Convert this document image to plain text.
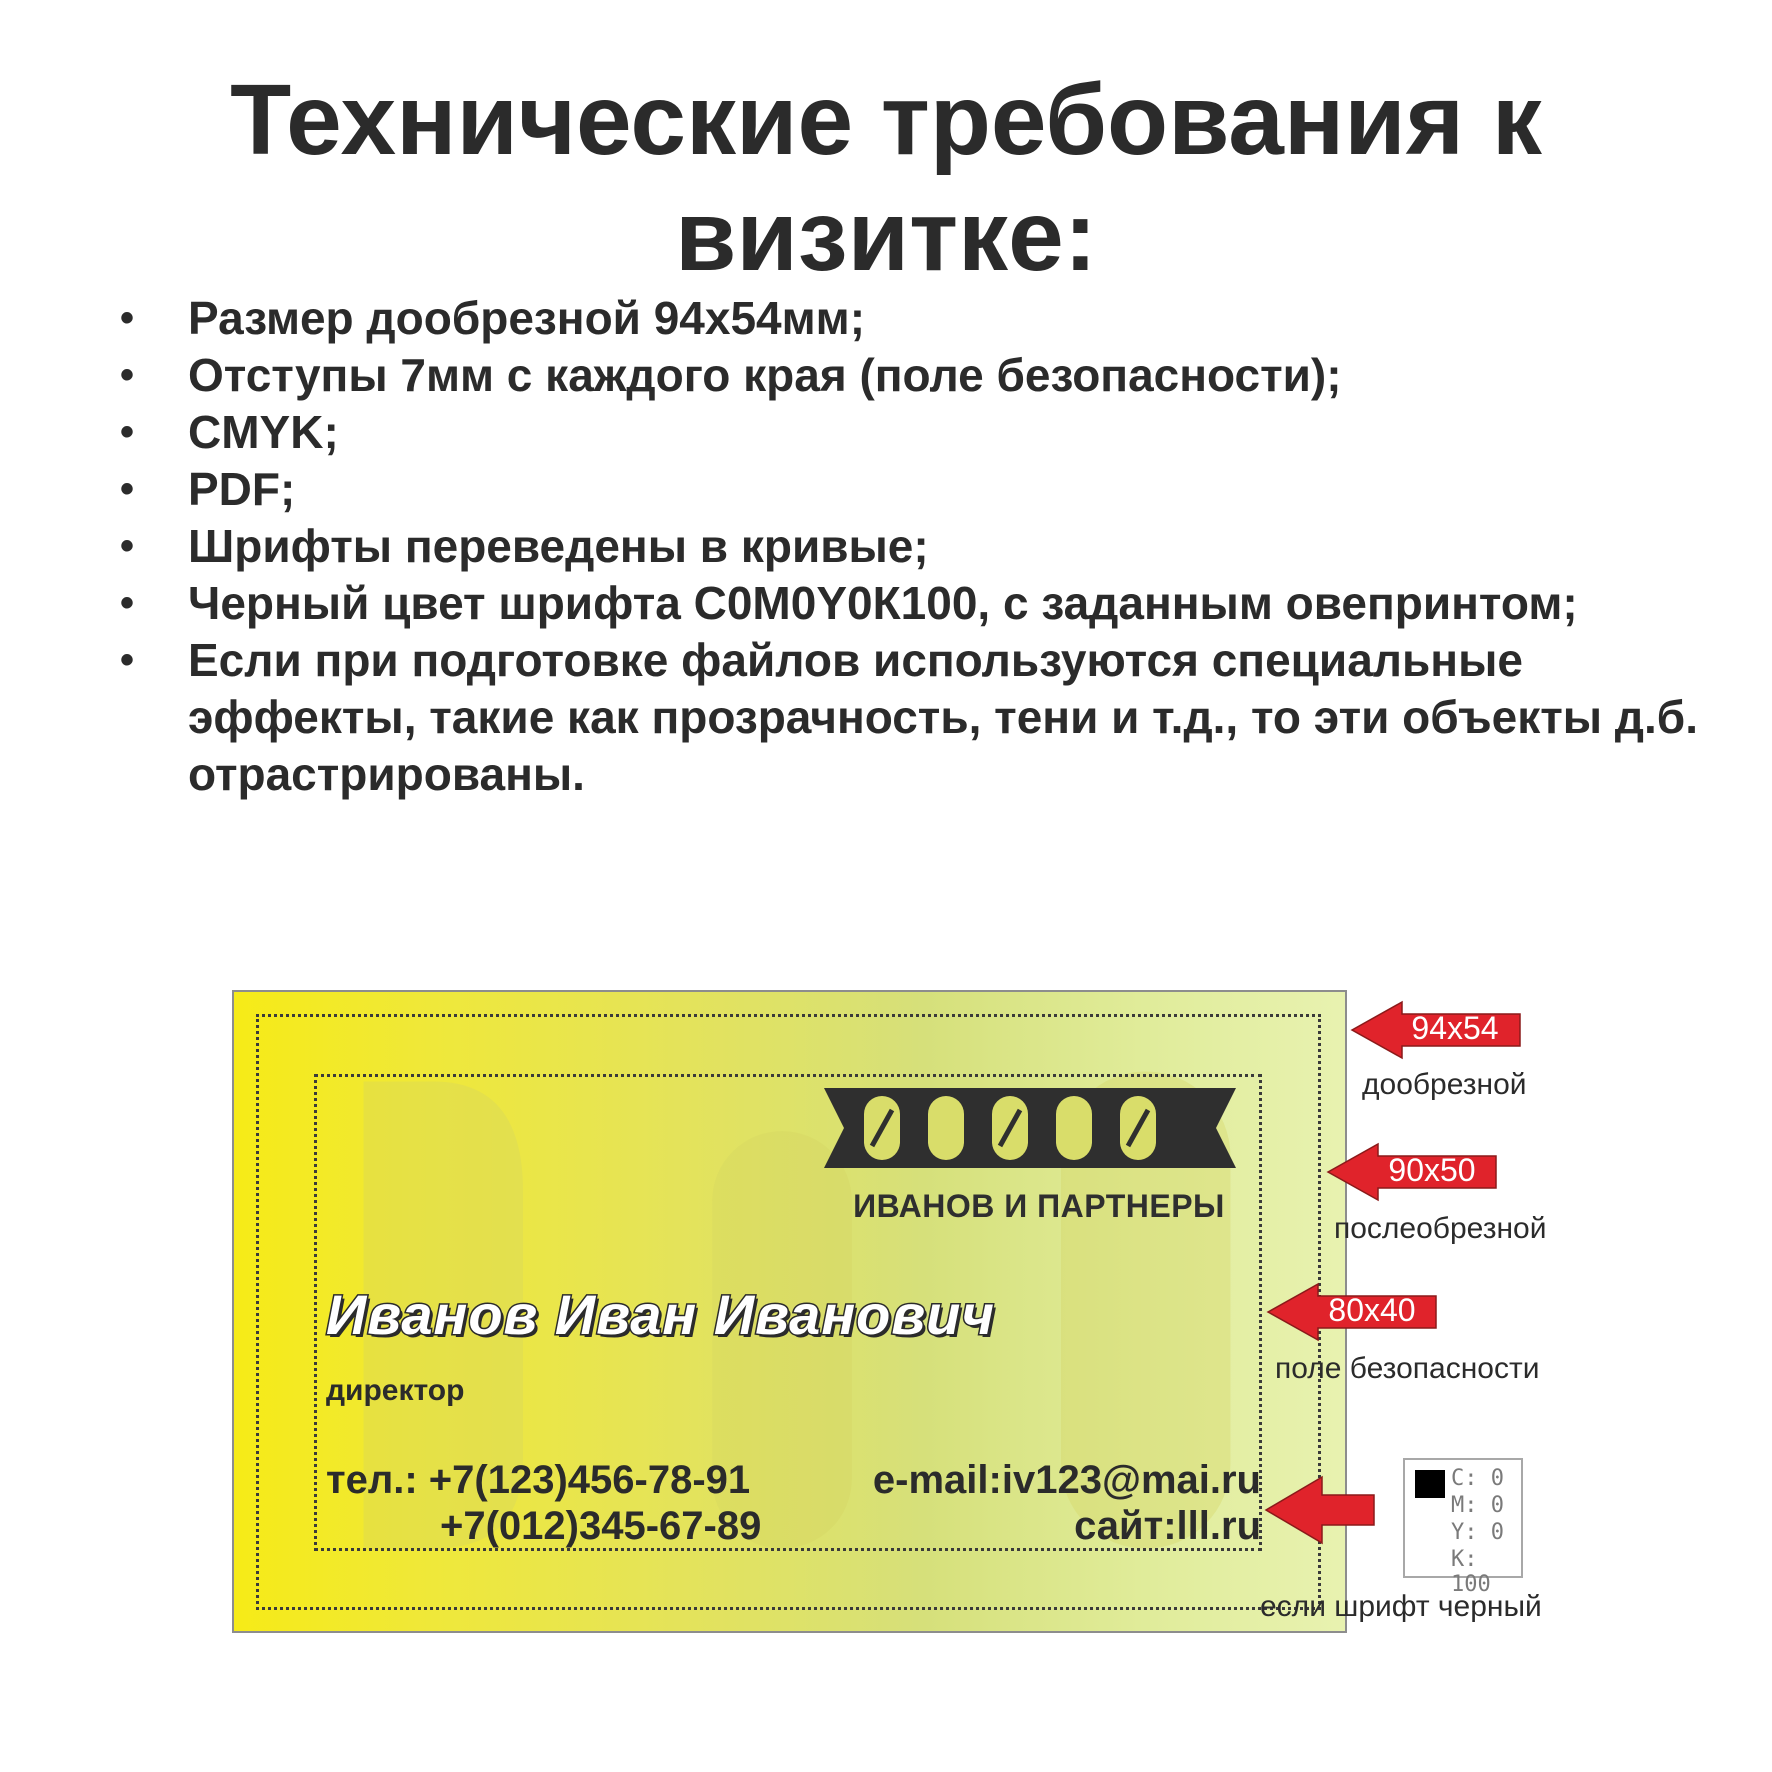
Технические требования к
визитке:
• Размер дообрезной 94х54мм;
• Отступы 7мм с каждого края (поле безопасности);
• CMYK;
• PDF;
• Шрифты переведены в кривые;
• Черный цвет шрифта С0М0Y0К100, с заданным овепринтом;
• Если при подготовке файлов используются специальные эффекты, такие как прозрачность, тени и т.д., то эти объекты д.б. отрастрированы.
ИВАНОВ И ПАРТНЕРЫ
Иванов Иван Иванович
директор
тел.: +7(123)456-78-91
+7(012)345-67-89
e-mail:iv123@mai.ru
сайт:lll.ru
94х54
дообрезной
90х50
послеобрезной
80х40
поле безопасности
C: 0
M: 0
Y: 0
K: 100
если шрифт черный
